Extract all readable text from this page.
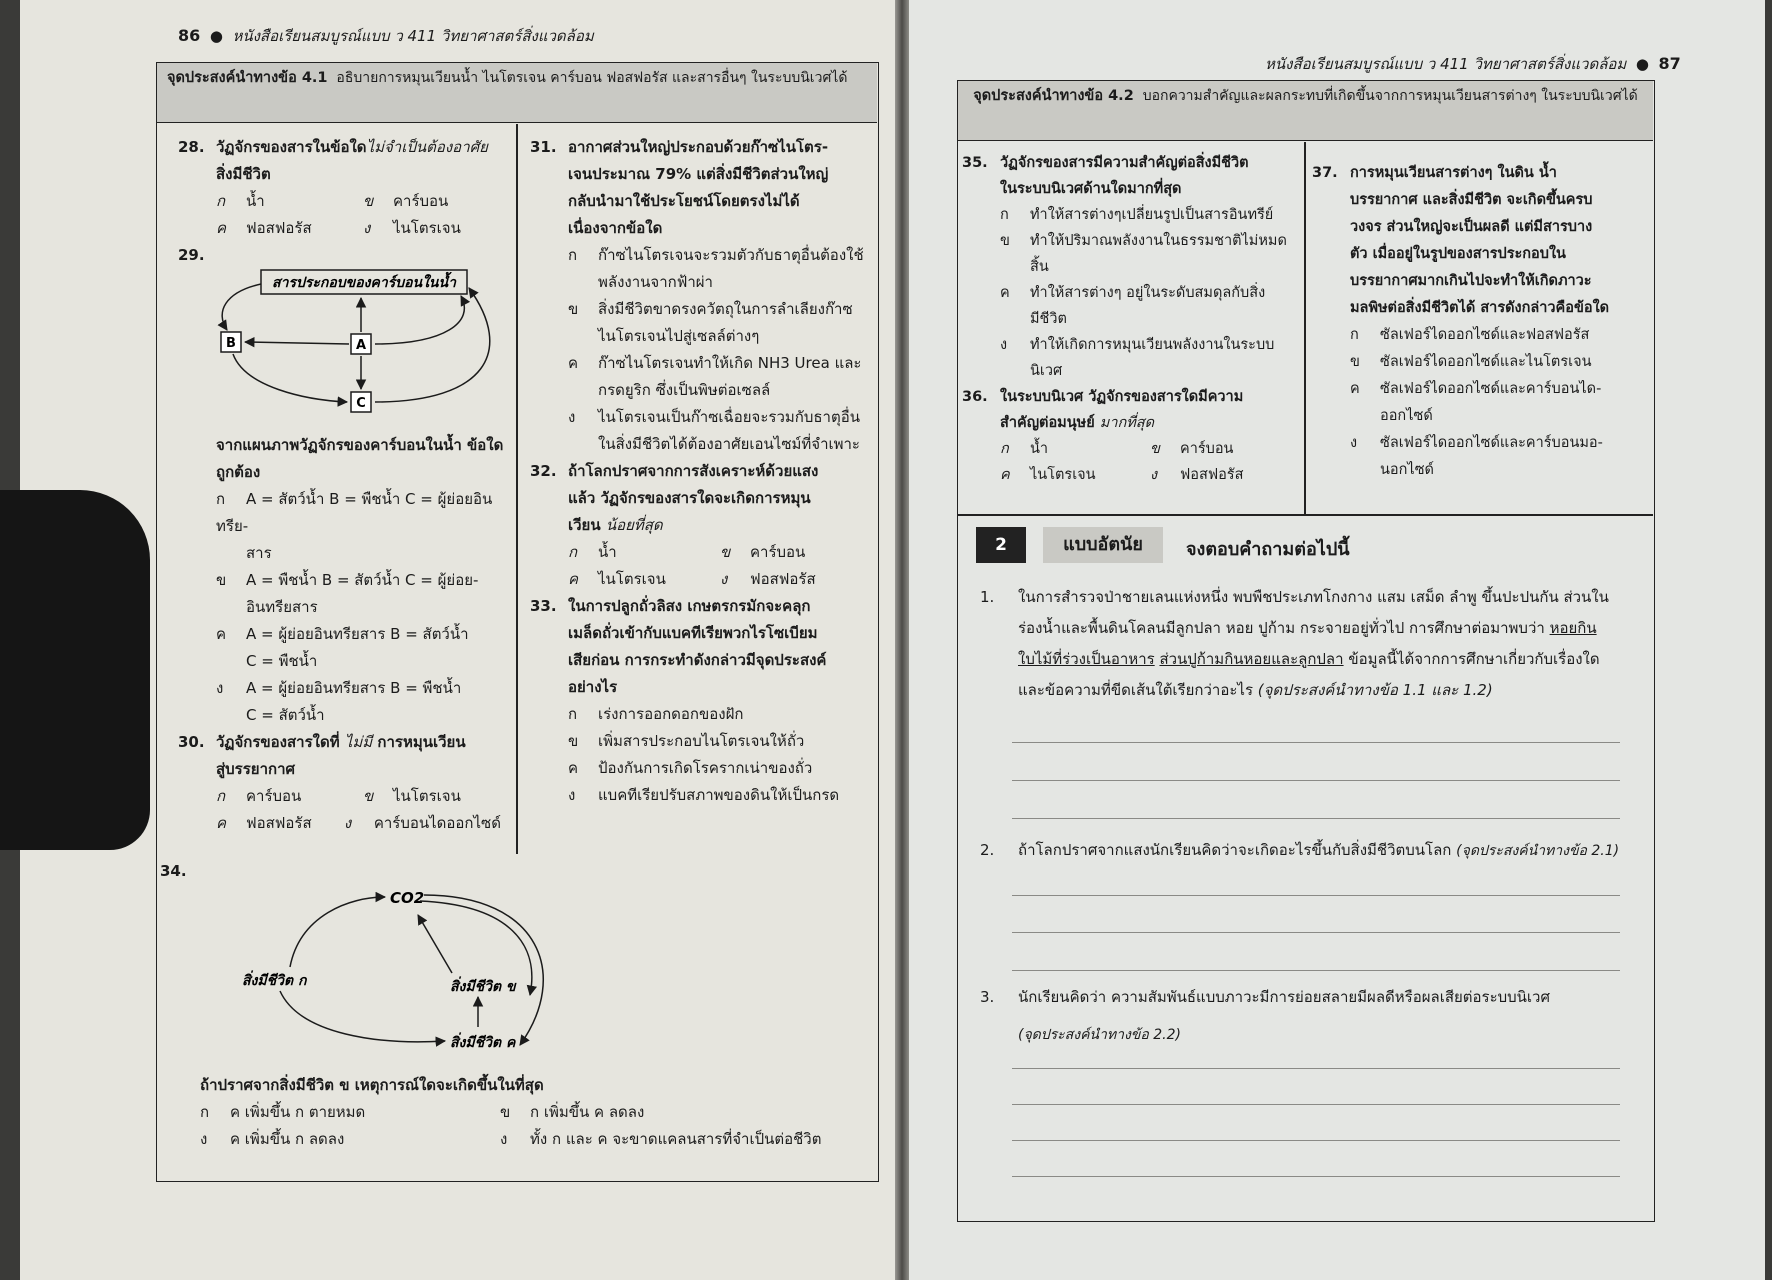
86  ●  หนังสือเรียนสมบูรณ์แบบ ว 411 วิทยาศาสตร์สิ่งแวดล้อม
จุดประสงค์นำทางข้อ 4.1 อธิบายการหมุนเวียนน้ำ ไนโตรเจน คาร์บอน ฟอสฟอรัส และสารอื่นๆ ในระบบนิเวศได้
28. วัฏจักรของสารในข้อใดไม่จำเป็นต้องอาศัย
สิ่งมีชีวิต
ก น้ำ	ข คาร์บอน
ค ฟอสฟอรัส	ง ไนโตรเจน
29.
สารประกอบของคาร์บอนในน้ำ
A
B
C
จากแผนภาพวัฏจักรของคาร์บอนในน้ำ ข้อใดถูกต้อง
ก A = สัตว์น้ำ B = พืชน้ำ C = ผู้ย่อยอินทรีย-
สาร
ข A = พืชน้ำ B = สัตว์น้ำ C = ผู้ย่อย-
อินทรียสาร
ค A = ผู้ย่อยอินทรียสาร B = สัตว์น้ำ
C = พืชน้ำ
ง A = ผู้ย่อยอินทรียสาร B = พืชน้ำ
C = สัตว์น้ำ
30. วัฏจักรของสารใดที่ ไม่มี การหมุนเวียน
สู่บรรยากาศ
ก คาร์บอน	ข ไนโตรเจน
ค ฟอสฟอรัส	ง คาร์บอนไดออกไซด์
31. อากาศส่วนใหญ่ประกอบด้วยก๊าซไนโตร-
เจนประมาณ 79% แต่สิ่งมีชีวิตส่วนใหญ่
กลับนำมาใช้ประโยชน์โดยตรงไม่ได้
เนื่องจากข้อใด
ก ก๊าซไนโตรเจนจะรวมตัวกับธาตุอื่นต้องใช้
พลังงานจากฟ้าผ่า
ข สิ่งมีชีวิตขาดรงควัตถุในการลำเลียงก๊าซ
ไนโตรเจนไปสู่เซลล์ต่างๆ
ค ก๊าซไนโตรเจนทำให้เกิด NH3 Urea และ
กรดยูริก ซึ่งเป็นพิษต่อเซลล์
ง ไนโตรเจนเป็นก๊าซเฉื่อยจะรวมกับธาตุอื่น
ในสิ่งมีชีวิตได้ต้องอาศัยเอนไซม์ที่จำเพาะ
32. ถ้าโลกปราศจากการสังเคราะห์ด้วยแสง
แล้ว วัฏจักรของสารใดจะเกิดการหมุน
เวียน น้อยที่สุด
ก น้ำ	ข คาร์บอน
ค ไนโตรเจน	ง ฟอสฟอรัส
33. ในการปลูกถั่วลิสง เกษตรกรมักจะคลุก
เมล็ดถั่วเข้ากับแบคทีเรียพวกไรโซเบียม
เสียก่อน การกระทำดังกล่าวมีจุดประสงค์
อย่างไร
ก เร่งการออกดอกของฝัก
ข เพิ่มสารประกอบไนโตรเจนให้ถั่ว
ค ป้องกันการเกิดโรครากเน่าของถั่ว
ง แบคทีเรียปรับสภาพของดินให้เป็นกรด
34.
CO2
สิ่งมีชีวิต ก	สิ่งมีชีวิต ข
สิ่งมีชีวิต ค
ถ้าปราศจากสิ่งมีชีวิต ข เหตุการณ์ใดจะเกิดขึ้นในที่สุด
ก ค เพิ่มขึ้น ก ตายหมด	ข ก เพิ่มขึ้น ค ลดลง
ง ค เพิ่มขึ้น ก ลดลง	ง ทั้ง ก และ ค จะขาดแคลนสารที่จำเป็นต่อชีวิต
หนังสือเรียนสมบูรณ์แบบ ว 411 วิทยาศาสตร์สิ่งแวดล้อม  ●  87
จุดประสงค์นำทางข้อ 4.2 บอกความสำคัญและผลกระทบที่เกิดขึ้นจากการหมุนเวียนสารต่างๆ ในระบบนิเวศได้
35. วัฏจักรของสารมีความสำคัญต่อสิ่งมีชีวิต
ในระบบนิเวศด้านใดมากที่สุด
ก ทำให้สารต่างๆเปลี่ยนรูปเป็นสารอินทรีย์
ข ทำให้ปริมาณพลังงานในธรรมชาติไม่หมด
สิ้น
ค ทำให้สารต่างๆ อยู่ในระดับสมดุลกับสิ่ง
มีชีวิต
ง ทำให้เกิดการหมุนเวียนพลังงานในระบบ
นิเวศ
36. ในระบบนิเวศ วัฏจักรของสารใดมีความ
สำคัญต่อมนุษย์ มากที่สุด
ก น้ำ	ข คาร์บอน
ค ไนโตรเจน	ง ฟอสฟอรัส
37. การหมุนเวียนสารต่างๆ ในดิน น้ำ
บรรยากาศ และสิ่งมีชีวิต จะเกิดขึ้นครบ
วงจร ส่วนใหญ่จะเป็นผลดี แต่มีสารบาง
ตัว เมื่ออยู่ในรูปของสารประกอบใน
บรรยากาศมากเกินไปจะทำให้เกิดภาวะ
มลพิษต่อสิ่งมีชีวิตได้ สารดังกล่าวคือข้อใด
ก ซัลเฟอร์ไดออกไซด์และฟอสฟอรัส
ข ซัลเฟอร์ไดออกไซด์และไนโตรเจน
ค ซัลเฟอร์ไดออกไซด์และคาร์บอนได-
ออกไซด์
ง ซัลเฟอร์ไดออกไซด์และคาร์บอนมอ-
นอกไซด์
2	แบบอัตนัย	จงตอบคำถามต่อไปนี้
1.	ในการสำรวจป่าชายเลนแห่งหนึ่ง พบพืชประเภทโกงกาง แสม เสม็ด ลำพู ขึ้นปะปนกัน ส่วนใน
ร่องน้ำและพื้นดินโคลนมีลูกปลา หอย ปูก้าม กระจายอยู่ทั่วไป การศึกษาต่อมาพบว่า หอยกิน
ใบไม้ที่ร่วงเป็นอาหาร ส่วนปูก้ามกินหอยและลูกปลา ข้อมูลนี้ได้จากการศึกษาเกี่ยวกับเรื่องใด
และข้อความที่ขีดเส้นใต้เรียกว่าอะไร (จุดประสงค์นำทางข้อ 1.1 และ 1.2)
2.	ถ้าโลกปราศจากแสงนักเรียนคิดว่าจะเกิดอะไรขึ้นกับสิ่งมีชีวิตบนโลก (จุดประสงค์นำทางข้อ 2.1)
3.	นักเรียนคิดว่า ความสัมพันธ์แบบภาวะมีการย่อยสลายมีผลดีหรือผลเสียต่อระบบนิเวศ
(จุดประสงค์นำทางข้อ 2.2)
